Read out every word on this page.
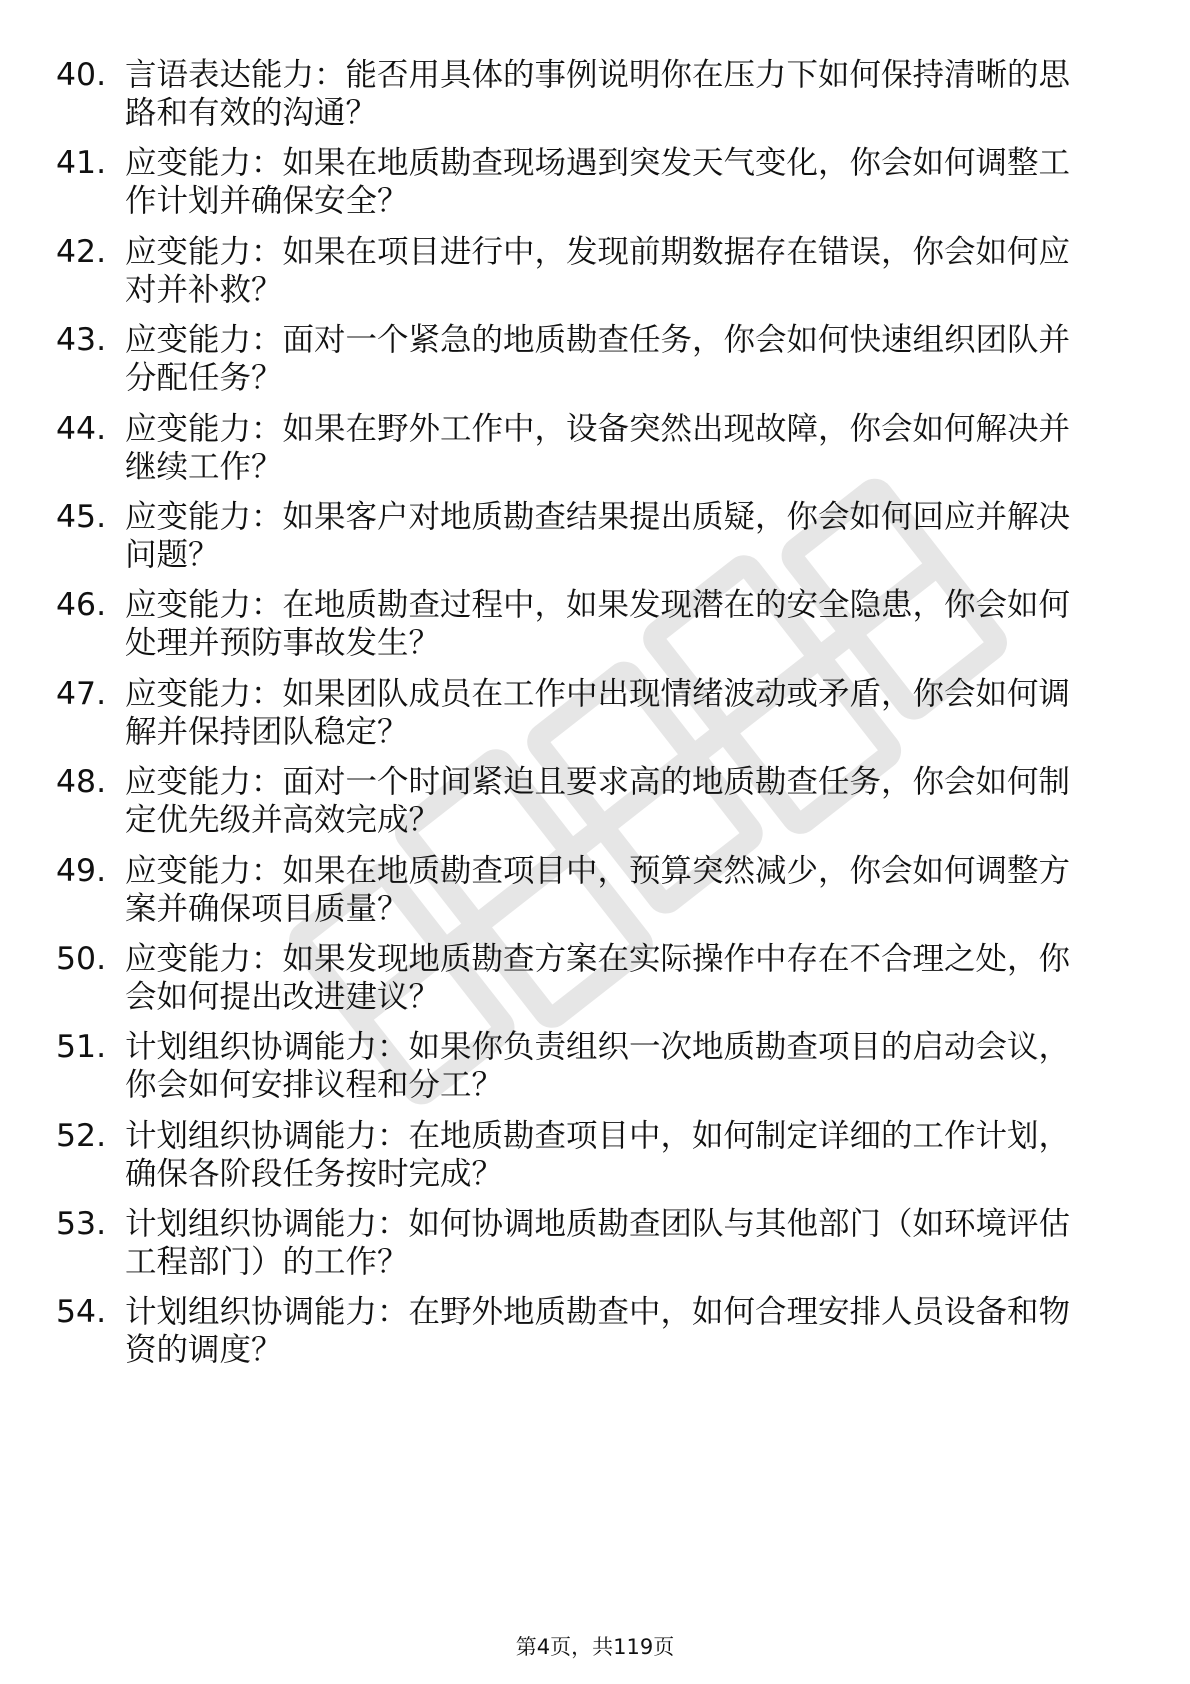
40. 言语表达能力：能否用具体的事例说明你在压力下如何保持清晰的思路和有效的沟通？
41. 应变能力：如果在地质勘查现场遇到突发天气变化，你会如何调整工作计划并确保安全？
42. 应变能力：如果在项目进行中，发现前期数据存在错误，你会如何应对并补救？
43. 应变能力：面对一个紧急的地质勘查任务，你会如何快速组织团队并分配任务？
44. 应变能力：如果在野外工作中，设备突然出现故障，你会如何解决并继续工作？
45. 应变能力：如果客户对地质勘查结果提出质疑，你会如何回应并解决问题？
46. 应变能力：在地质勘查过程中，如果发现潜在的安全隐患，你会如何处理并预防事故发生？
47. 应变能力：如果团队成员在工作中出现情绪波动或矛盾，你会如何调解并保持团队稳定？
48. 应变能力：面对一个时间紧迫且要求高的地质勘查任务，你会如何制定优先级并高效完成？
49. 应变能力：如果在地质勘查项目中，预算突然减少，你会如何调整方案并确保项目质量？
50. 应变能力：如果发现地质勘查方案在实际操作中存在不合理之处，你会如何提出改进建议？
51. 计划组织协调能力：如果你负责组织一次地质勘查项目的启动会议，你会如何安排议程和分工？
52. 计划组织协调能力：在地质勘查项目中，如何制定详细的工作计划，确保各阶段任务按时完成？
53. 计划组织协调能力：如何协调地质勘查团队与其他部门（如环境评估工程部门）的工作？
54. 计划组织协调能力：在野外地质勘查中，如何合理安排人员设备和物资的调度？
第4页，共119页
